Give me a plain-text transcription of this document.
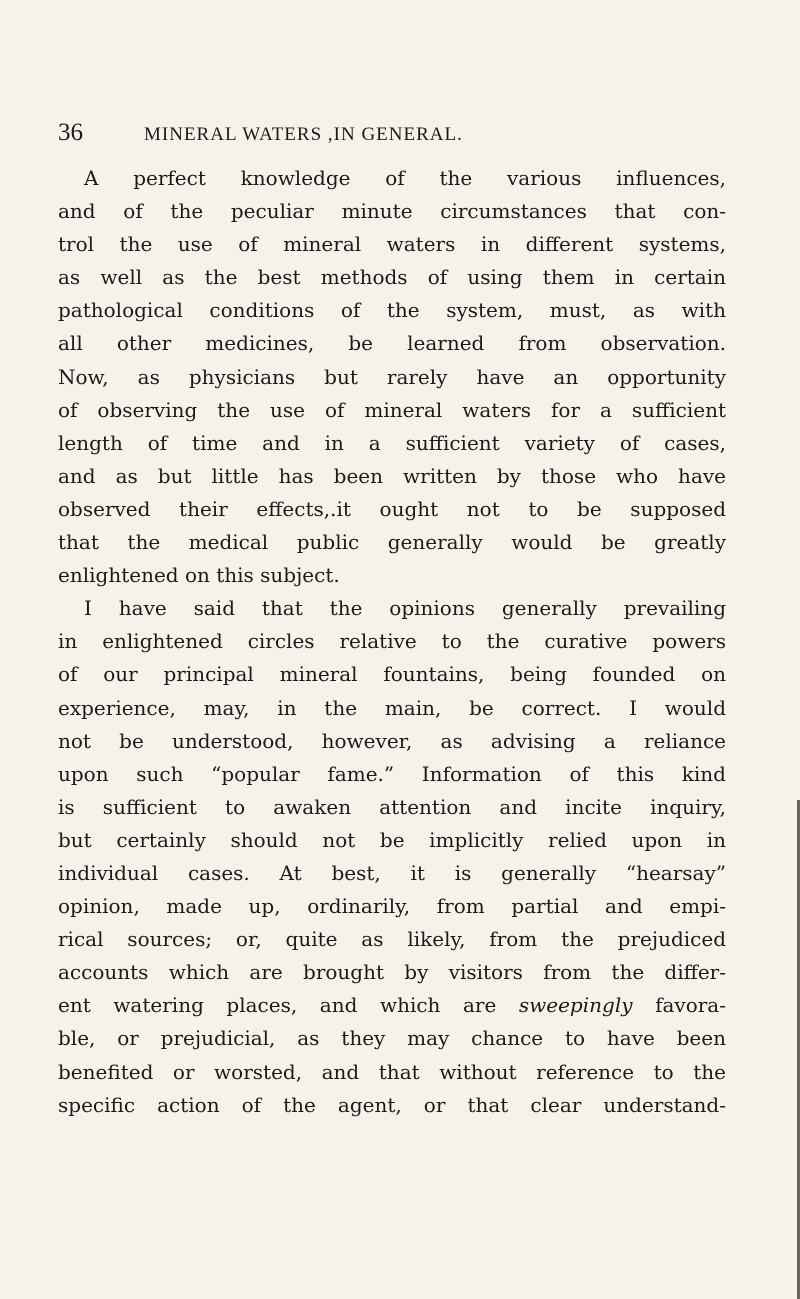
36	MINERAL WATERS ,IN GENERAL.
A perfect knowledge of the various influences,
and of the peculiar minute circumstances that con-
trol the use of mineral waters in different systems,
as well as the best methods of using them in certain
pathological conditions of the system, must, as with
all other medicines, be learned from observation.
Now, as physicians but rarely have an opportunity
of observing the use of mineral waters for a sufficient
length of time and in a sufficient variety of cases,
and as but little has been written by those who have
observed their effects,.it ought not to be supposed
that the medical public generally would be greatly
enlightened on this subject.
I have said that the opinions generally prevailing
in enlightened circles relative to the curative powers
of our principal mineral fountains, being founded on
experience, may, in the main, be correct. I would
not be understood, however, as advising a reliance
upon such “popular fame.” Information of this kind
is sufficient to awaken attention and incite inquiry,
but certainly should not be implicitly relied upon in
individual cases. At best, it is generally “hearsay”
opinion, made up, ordinarily, from partial and empi-
rical sources; or, quite as likely, from the prejudiced
accounts which are brought by visitors from the differ-
ent watering places, and which are sweepingly favora-
ble, or prejudicial, as they may chance to have been
benefited or worsted, and that without reference to the
specific action of the agent, or that clear understand-
